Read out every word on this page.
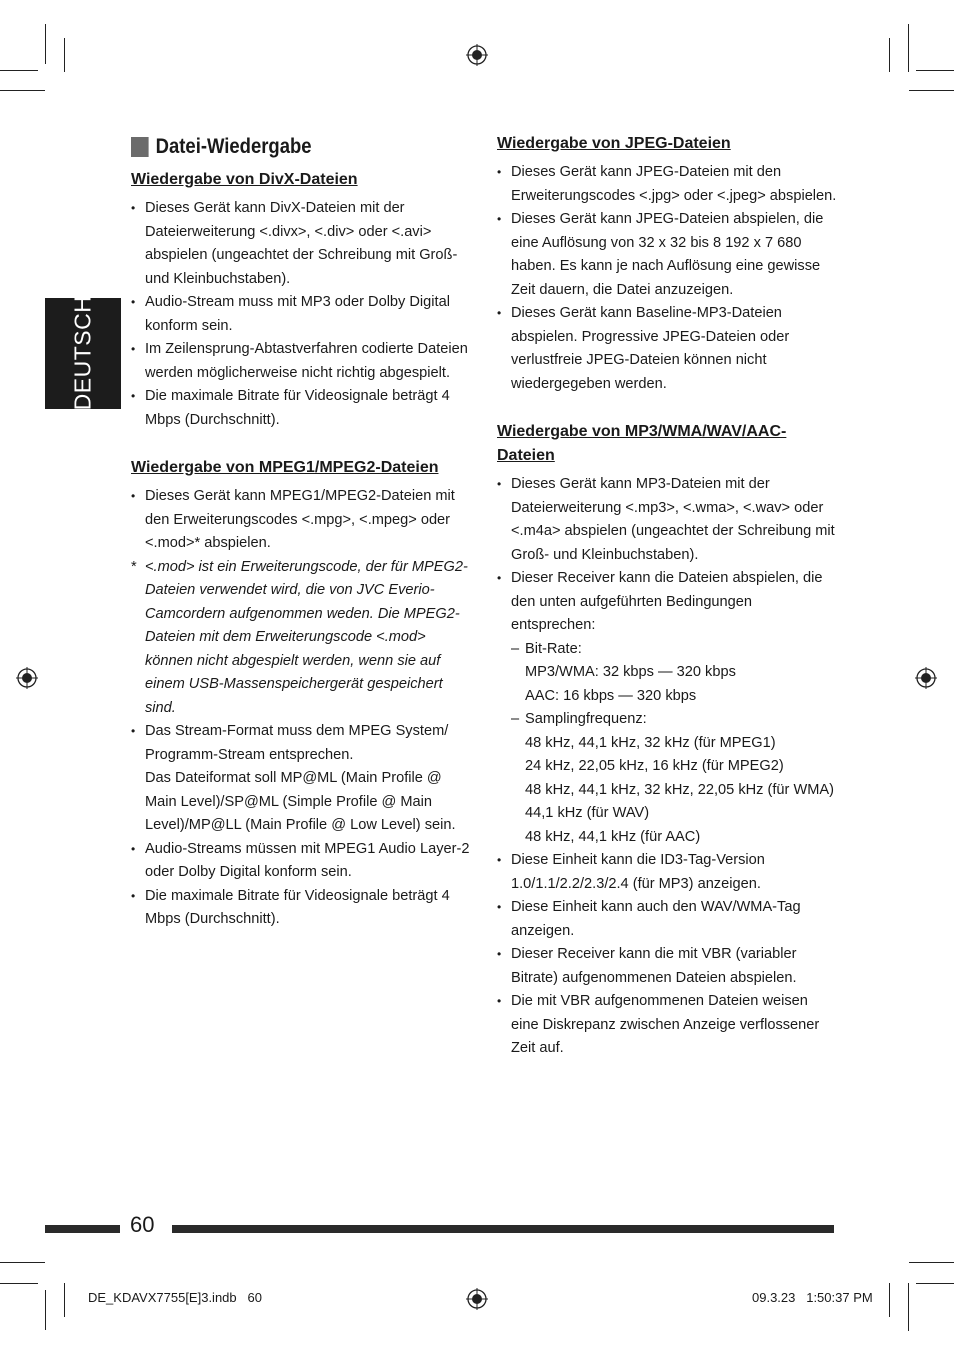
DEUTSCH
Datei-Wiedergabe
Wiedergabe von DivX-Dateien
• Dieses Gerät kann DivX-Dateien mit der Dateierweiterung <.divx>, <.div> oder <.avi> abspielen (ungeachtet der Schreibung mit Groß- und Kleinbuchstaben).
• Audio-Stream muss mit MP3 oder Dolby Digital konform sein.
• Im Zeilensprung-Abtastverfahren codierte Dateien werden möglicherweise nicht richtig abgespielt.
• Die maximale Bitrate für Videosignale beträgt 4 Mbps (Durchschnitt).
Wiedergabe von MPEG1/MPEG2-Dateien
• Dieses Gerät kann MPEG1/MPEG2-Dateien mit den Erweiterungscodes <.mpg>, <.mpeg> oder <.mod>* abspielen.
* <.mod> ist ein Erweiterungscode, der für MPEG2-Dateien verwendet wird, die von JVC Everio-Camcordern aufgenommen weden. Die MPEG2-Dateien mit dem Erweiterungscode <.mod> können nicht abgespielt werden, wenn sie auf einem USB-Massenspeichergerät gespeichert sind.
• Das Stream-Format muss dem MPEG System/ Programm-Stream entsprechen.
Das Dateiformat soll MP@ML (Main Profile @ Main Level)/SP@ML (Simple Profile @ Main Level)/MP@LL (Main Profile @ Low Level) sein.
• Audio-Streams müssen mit MPEG1 Audio Layer-2 oder Dolby Digital konform sein.
• Die maximale Bitrate für Videosignale beträgt 4 Mbps (Durchschnitt).
Wiedergabe von JPEG-Dateien
• Dieses Gerät kann JPEG-Dateien mit den Erweiterungscodes <.jpg> oder <.jpeg> abspielen.
• Dieses Gerät kann JPEG-Dateien abspielen, die eine Auflösung von 32 x 32 bis 8 192 x 7 680 haben. Es kann je nach Auflösung eine gewisse Zeit dauern, die Datei anzuzeigen.
• Dieses Gerät kann Baseline-MP3-Dateien abspielen. Progressive JPEG-Dateien oder verlustfreie JPEG-Dateien können nicht wiedergegeben werden.
Wiedergabe von MP3/WMA/WAV/AAC-Dateien
• Dieses Gerät kann MP3-Dateien mit der Dateierweiterung <.mp3>, <.wma>, <.wav> oder <.m4a> abspielen (ungeachtet der Schreibung mit Groß- und Kleinbuchstaben).
• Dieser Receiver kann die Dateien abspielen, die den unten aufgeführten Bedingungen entsprechen:
– Bit-Rate:
MP3/WMA: 32 kbps — 320 kbps
AAC: 16 kbps — 320 kbps
– Samplingfrequenz:
48 kHz, 44,1 kHz, 32 kHz (für MPEG1)
24 kHz, 22,05 kHz, 16 kHz (für MPEG2)
48 kHz, 44,1 kHz, 32 kHz, 22,05 kHz (für WMA)
44,1 kHz (für WAV)
48 kHz, 44,1 kHz (für AAC)
• Diese Einheit kann die ID3-Tag-Version 1.0/1.1/2.2/2.3/2.4 (für MP3) anzeigen.
• Diese Einheit kann auch den WAV/WMA-Tag anzeigen.
• Dieser Receiver kann die mit VBR (variabler Bitrate) aufgenommenen Dateien abspielen.
• Die mit VBR aufgenommenen Dateien weisen eine Diskrepanz zwischen Anzeige verflossener Zeit auf.
60
DE_KDAVX7755[E]3.indb   60	09.3.23   1:50:37 PM
